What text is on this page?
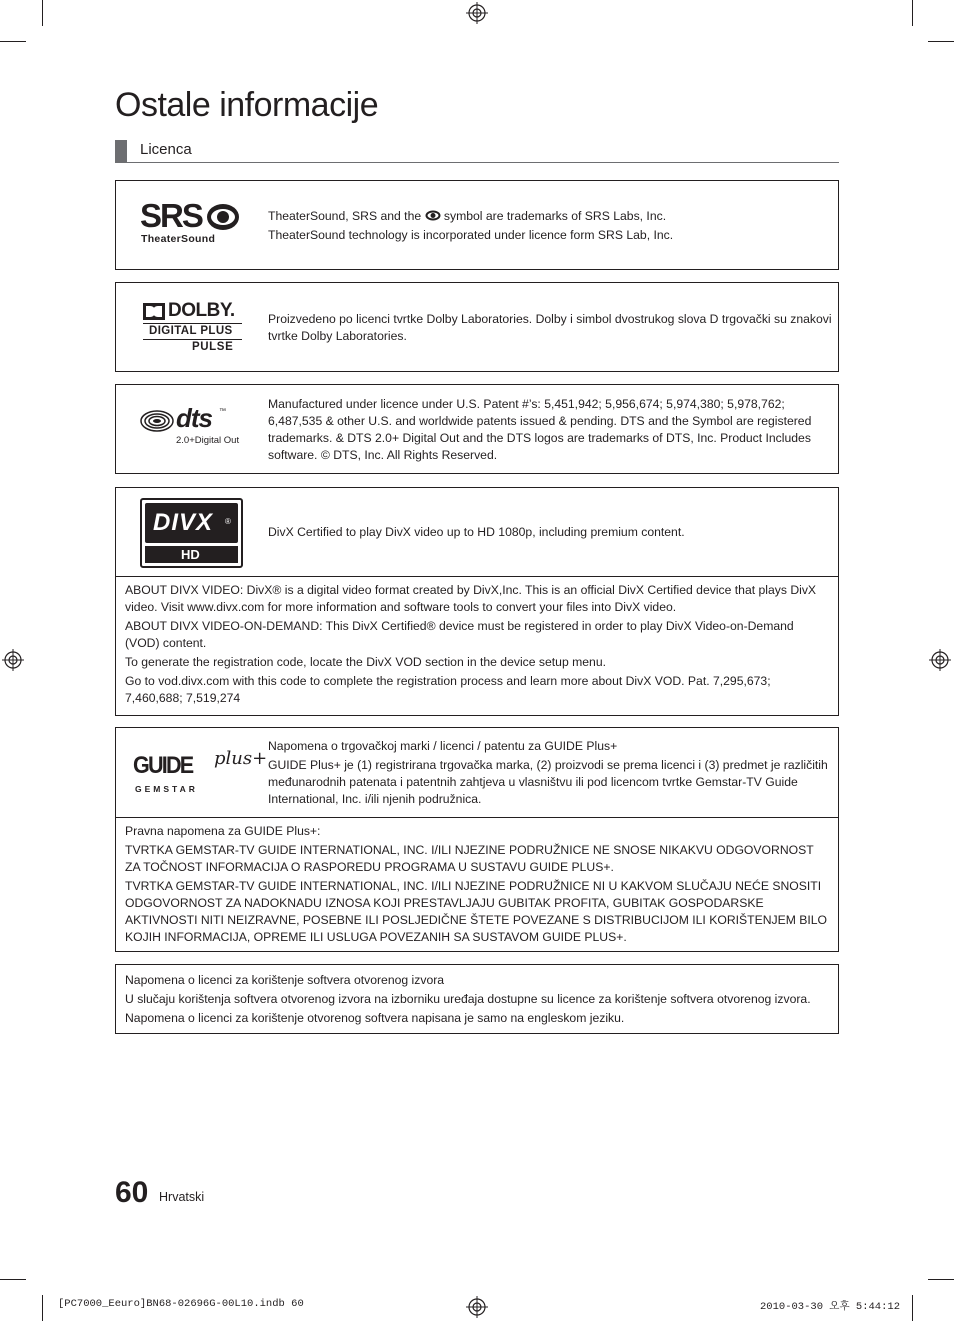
Ostale informacije
Licenca
SRS
TheaterSound

TheaterSound, SRS and the symbol are trademarks of SRS Labs, Inc.

TheaterSound technology is incorporated under licence form SRS Lab, Inc.

DOLBY.
DIGITAL PLUS
PULSE
Proizvedeno po licenci tvrtke Dolby Laboratories. Dolby i simbol dvostrukog slova D trgovački su znakovi tvrtke Dolby Laboratories.
dts ™
2.0+Digital Out
Manufactured under licence under U.S. Patent #’s: 5,451,942; 5,956,674; 5,974,380; 5,978,762; 6,487,535 & other U.S. and worldwide patents issued & pending. DTS and the Symbol are registered trademarks. & DTS 2.0+ Digital Out and the DTS logos are trademarks of DTS, Inc. Product Includes software. © DTS, Inc. All Rights Reserved.
DIVX ®
HD
DivX Certified to play DivX video up to HD 1080p, including premium content.

ABOUT DIVX VIDEO: DivX® is a digital video format created by DivX,Inc. This is an official DivX Certified device that plays DivX video. Visit www.divx.com for more information and software tools to convert your files into DivX video.

ABOUT DIVX VIDEO-ON-DEMAND: This DivX Certified® device must be registered in order to play DivX Video-on-Demand (VOD) content.

To generate the registration code, locate the DivX VOD section in the device setup menu.

Go to vod.divx.com with this code to complete the registration process and learn more about DivX VOD. Pat. 7,295,673; 7,460,688; 7,519,274

GUIDE plus+
GEMSTAR

Napomena o trgovačkoj marki / licenci / patentu za GUIDE Plus+

GUIDE Plus+ je (1) registrirana trgovačka marka, (2) proizvodi se prema licenci i (3) predmet je različitih međunarodnih patenata i patentnih zahtjeva u vlasništvu ili pod licencom tvrtke Gemstar-TV Guide International, Inc. i/ili njenih podružnica.

Pravna napomena za GUIDE Plus+:

TVRTKA GEMSTAR-TV GUIDE INTERNATIONAL, INC. I/ILI NJEZINE PODRUŽNICE NE SNOSE NIKAKVU ODGOVORNOST ZA TOČNOST INFORMACIJA O RASPOREDU PROGRAMA U SUSTAVU GUIDE PLUS+.

TVRTKA GEMSTAR-TV GUIDE INTERNATIONAL, INC. I/ILI NJEZINE PODRUŽNICE NI U KAKVOM SLUČAJU NEĆE SNOSITI ODGOVORNOST ZA NADOKNADU IZNOSA KOJI PRESTAVLJAJU GUBITAK PROFITA, GUBITAK GOSPODARSKE AKTIVNOSTI NITI NEIZRAVNE, POSEBNE ILI POSLJEDIČNE ŠTETE POVEZANE S DISTRIBUCIJOM ILI KORIŠTENJEM BILO KOJIH INFORMACIJA, OPREME ILI USLUGA POVEZANIH SA SUSTAVOM GUIDE PLUS+.

Napomena o licenci za korištenje softvera otvorenog izvora

U slučaju korištenja softvera otvorenog izvora na izborniku uređaja dostupne su licence za korištenje softvera otvorenog izvora.

Napomena o licenci za korištenje otvorenog softvera napisana je samo na engleskom jeziku.

60 Hrvatski
[PC7000_Eeuro]BN68-02696G-00L10.indb 60	2010-03-30 오후 5:44:12
